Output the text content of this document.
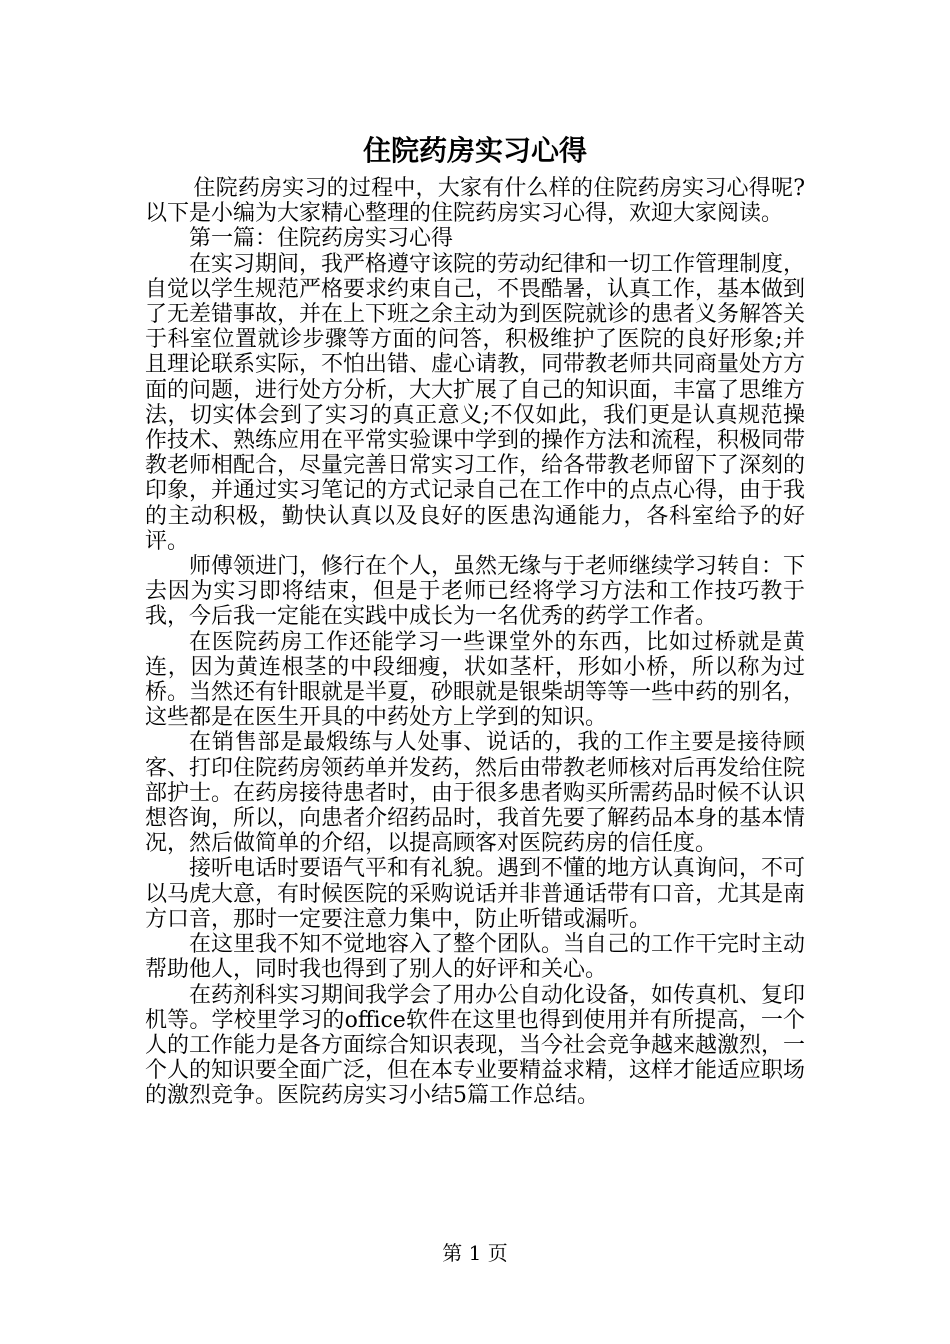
住院药房实习心得

住院药房实习的过程中，大家有什么样的住院药房实习心得呢?以下是小编为大家精心整理的住院药房实习心得，欢迎大家阅读。

第一篇：住院药房实习心得

在实习期间，我严格遵守该院的劳动纪律和一切工作管理制度，自觉以学生规范严格要求约束自己，不畏酷暑，认真工作，基本做到了无差错事故，并在上下班之余主动为到医院就诊的患者义务解答关于科室位置就诊步骤等方面的问答，积极维护了医院的良好形象;并且理论联系实际，不怕出错、虚心请教，同带教老师共同商量处方方面的问题，进行处方分析，大大扩展了自己的知识面，丰富了思维方法，切实体会到了实习的真正意义;不仅如此，我们更是认真规范操作技术、熟练应用在平常实验课中学到的操作方法和流程，积极同带教老师相配合，尽量完善日常实习工作，给各带教老师留下了深刻的印象，并通过实习笔记的方式记录自己在工作中的点点心得，由于我的主动积极，勤快认真以及良好的医患沟通能力，各科室给予的好评。

师傅领进门，修行在个人，虽然无缘与于老师继续学习转自：下去因为实习即将结束，但是于老师已经将学习方法和工作技巧教于我，今后我一定能在实践中成长为一名优秀的药学工作者。

在医院药房工作还能学习一些课堂外的东西，比如过桥就是黄连，因为黄连根茎的中段细瘦，状如茎杆，形如小桥，所以称为过桥。当然还有针眼就是半夏，砂眼就是银柴胡等等一些中药的别名，这些都是在医生开具的中药处方上学到的知识。

在销售部是最煅练与人处事、说话的，我的工作主要是接待顾客、打印住院药房领药单并发药，然后由带教老师核对后再发给住院部护士。在药房接待患者时，由于很多患者购买所需药品时候不认识想咨询，所以，向患者介绍药品时，我首先要了解药品本身的基本情况，然后做简单的介绍，以提高顾客对医院药房的信任度。

接听电话时要语气平和有礼貌。遇到不懂的地方认真询问，不可以马虎大意，有时候医院的采购说话并非普通话带有口音，尤其是南方口音，那时一定要注意力集中，防止听错或漏听。

在这里我不知不觉地容入了整个团队。当自己的工作干完时主动帮助他人，同时我也得到了别人的好评和关心。

在药剂科实习期间我学会了用办公自动化设备，如传真机、复印机等。学校里学习的office软件在这里也得到使用并有所提高，一个人的工作能力是各方面综合知识表现，当今社会竞争越来越激烈，一个人的知识要全面广泛，但在本专业要精益求精，这样才能适应职场的激烈竞争。医院药房实习小结5篇工作总结。

第 1 页
